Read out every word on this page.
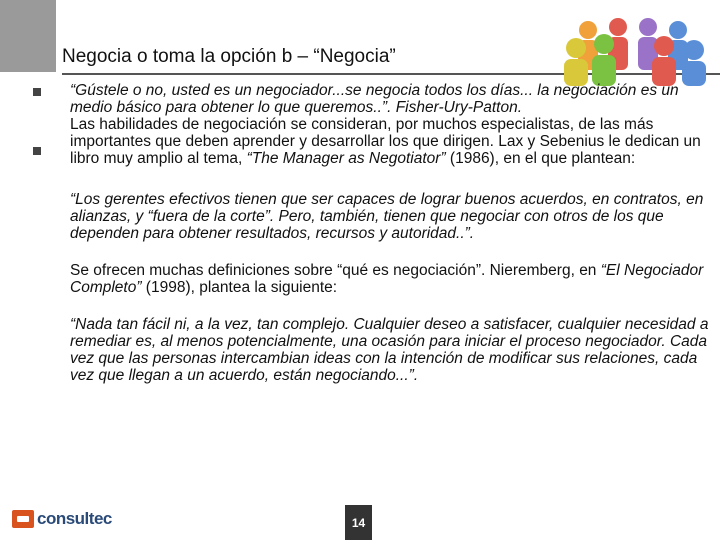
Negocia o toma la opción b – “Negocia”

“Gústele o no, usted es un negociador...se negocia todos los días... la negociación es un medio básico para obtener lo que queremos..”. Fisher-Ury-Patton.

Las habilidades de negociación se consideran, por muchos especialistas, de las más importantes que deben aprender y desarrollar los que dirigen. Lax y Sebenius le dedican un libro muy amplio al tema, “The Manager as Negotiator” (1986), en el que plantean:

“Los gerentes efectivos tienen que ser capaces de lograr buenos acuerdos, en contratos, en alianzas, y “fuera de la corte”. Pero, también, tienen que negociar con otros de los que dependen para obtener resultados, recursos y autoridad..”.

Se ofrecen muchas definiciones sobre “qué es negociación”. Nieremberg, en “El Negociador Completo” (1998), plantea la siguiente:

“Nada tan fácil ni, a la vez, tan complejo. Cualquier deseo a satisfacer, cualquier necesidad a remediar es, al menos potencialmente, una ocasión para iniciar el proceso negociador. Cada vez que las personas intercambian ideas con la intención de modificar sus relaciones, cada vez que llegan a un acuerdo, están negociando...”.

consultec	14
